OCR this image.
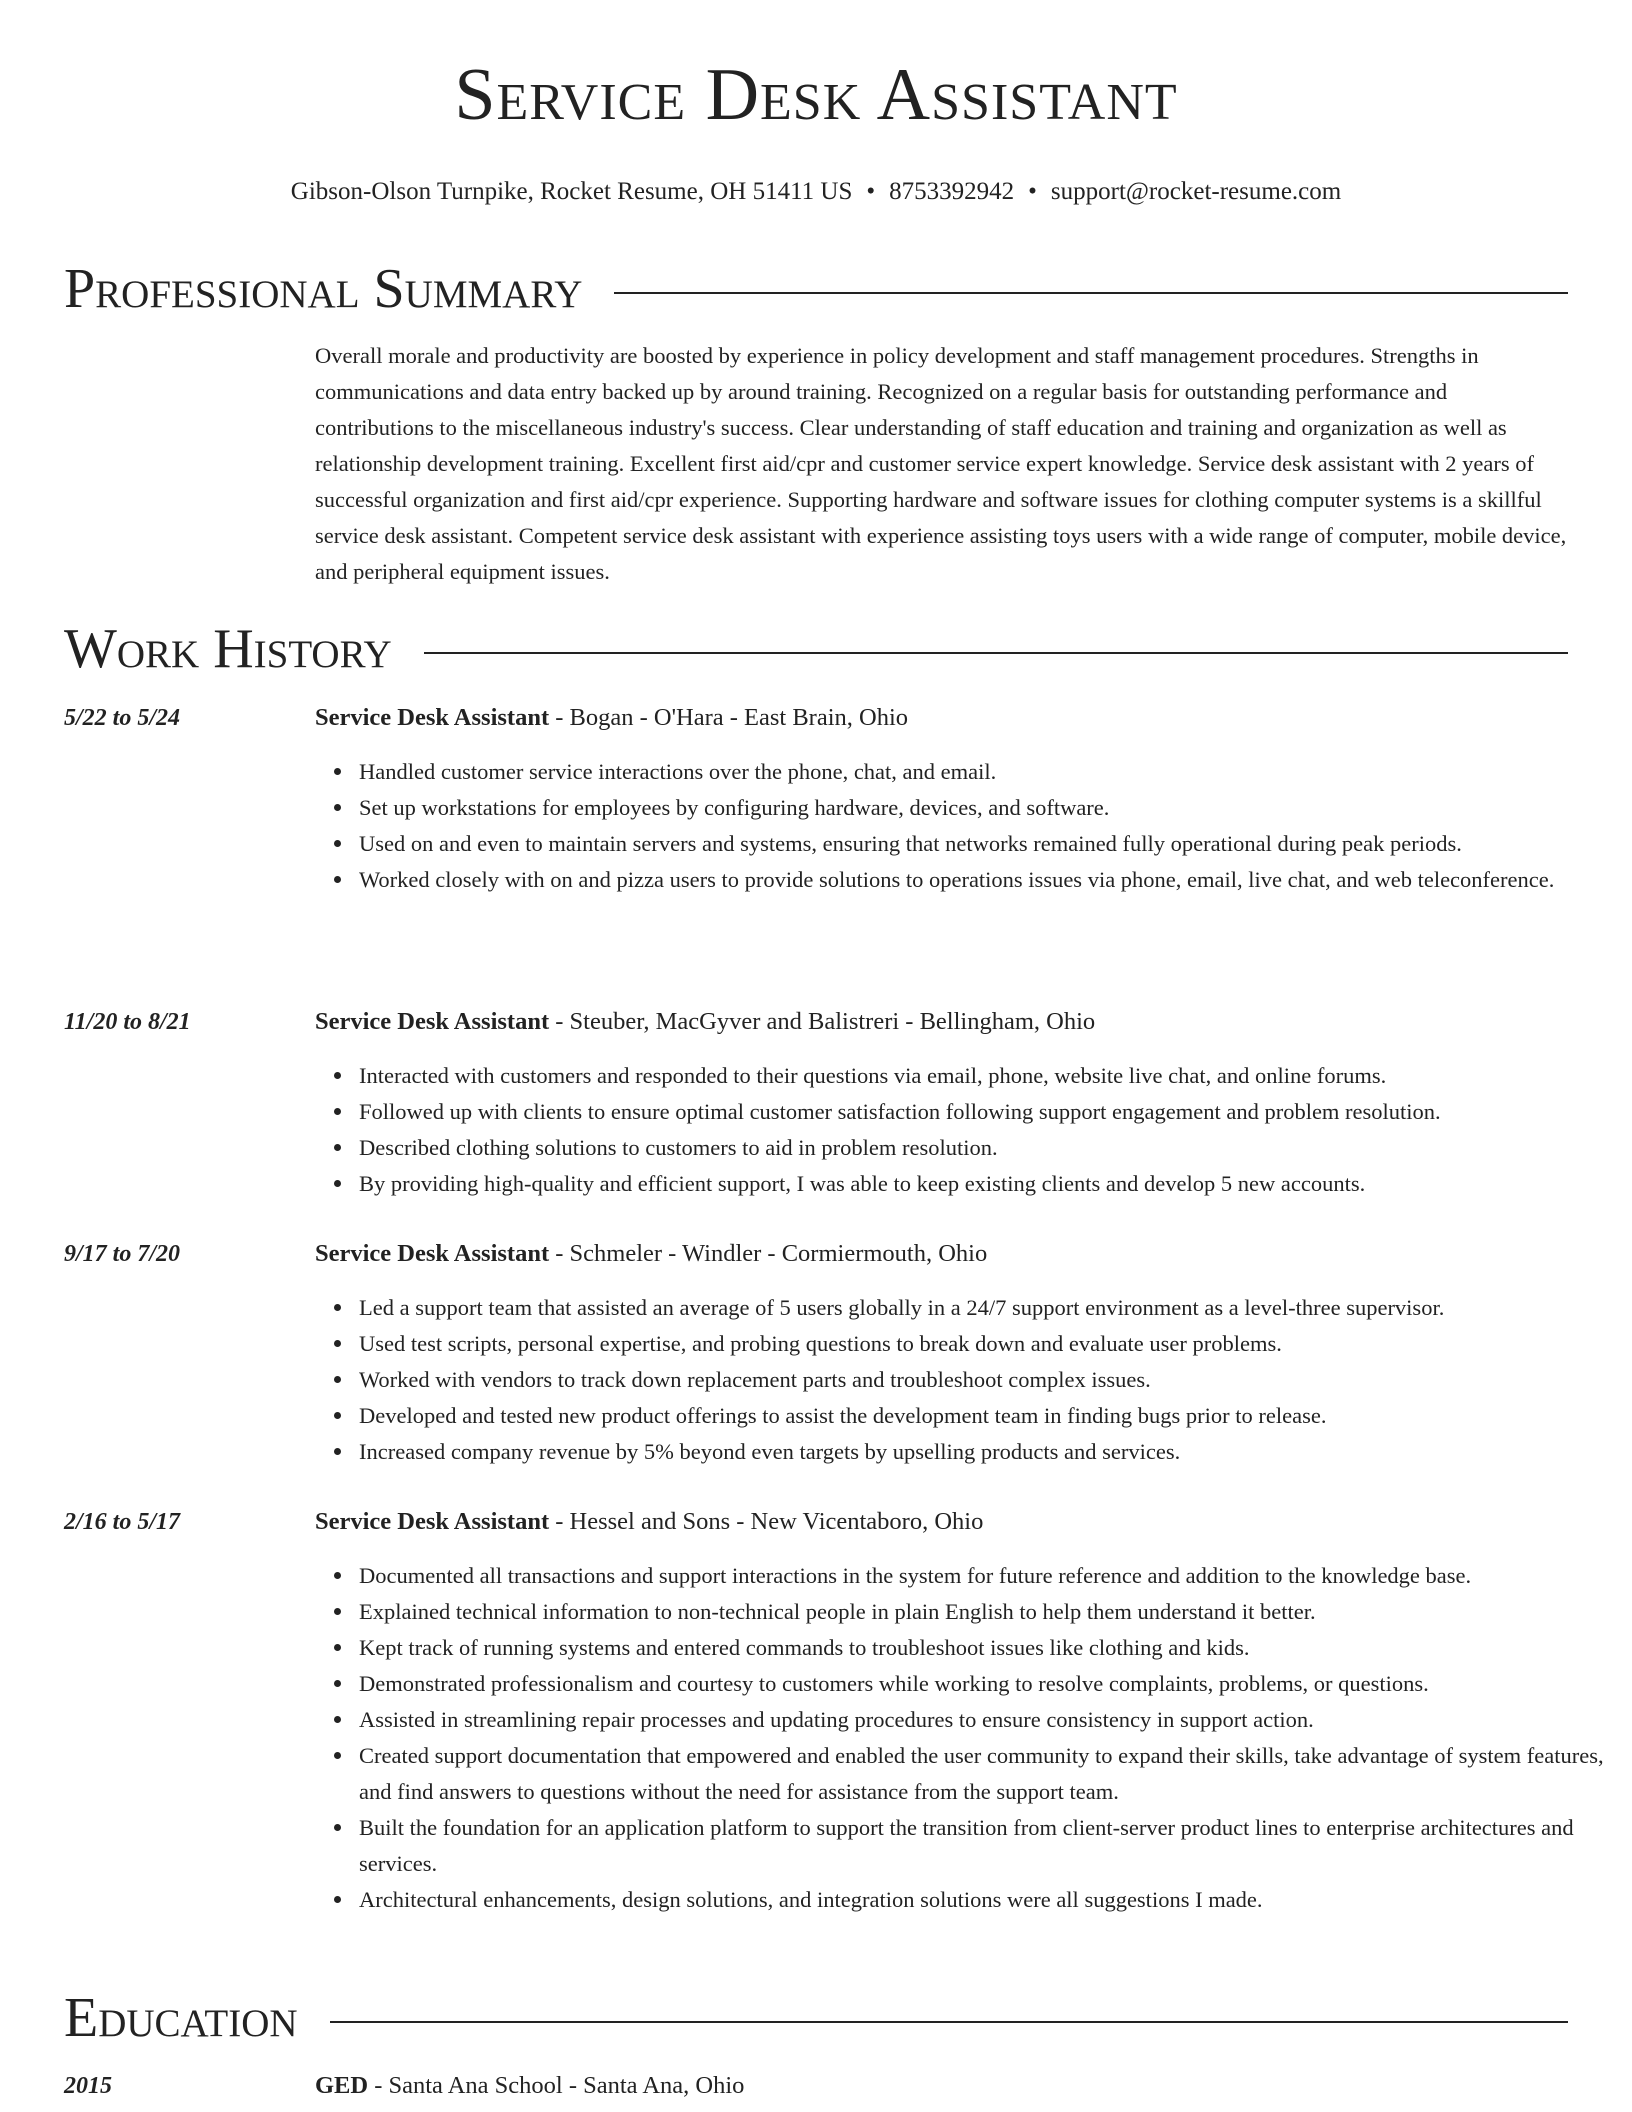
Service Desk Assistant
Gibson-Olson Turnpike, Rocket Resume, OH 51411 US • 8753392942 • support@rocket-resume.com
Professional Summary

Overall morale and productivity are boosted by experience in policy development and staff management procedures. Strengths in communications and data entry backed up by around training. Recognized on a regular basis for outstanding performance and contributions to the miscellaneous industry's success. Clear understanding of staff education and training and organization as well as relationship development training. Excellent first aid/cpr and customer service expert knowledge. Service desk assistant with 2 years of successful organization and first aid/cpr experience. Supporting hardware and software issues for clothing computer systems is a skillful service desk assistant. Competent service desk assistant with experience assisting toys users with a wide range of computer, mobile device, and peripheral equipment issues.

Work History
5/22 to 5/24	Service Desk Assistant - Bogan - O'Hara - East Brain, Ohio
Handled customer service interactions over the phone, chat, and email.
Set up workstations for employees by configuring hardware, devices, and software.
Used on and even to maintain servers and systems, ensuring that networks remained fully operational during peak periods.
Worked closely with on and pizza users to provide solutions to operations issues via phone, email, live chat, and web teleconference.
11/20 to 8/21	Service Desk Assistant - Steuber, MacGyver and Balistreri - Bellingham, Ohio
Interacted with customers and responded to their questions via email, phone, website live chat, and online forums.
Followed up with clients to ensure optimal customer satisfaction following support engagement and problem resolution.
Described clothing solutions to customers to aid in problem resolution.
By providing high-quality and efficient support, I was able to keep existing clients and develop 5 new accounts.
9/17 to 7/20	Service Desk Assistant - Schmeler - Windler - Cormiermouth, Ohio
Led a support team that assisted an average of 5 users globally in a 24/7 support environment as a level-three supervisor.
Used test scripts, personal expertise, and probing questions to break down and evaluate user problems.
Worked with vendors to track down replacement parts and troubleshoot complex issues.
Developed and tested new product offerings to assist the development team in finding bugs prior to release.
Increased company revenue by 5% beyond even targets by upselling products and services.
2/16 to 5/17	Service Desk Assistant - Hessel and Sons - New Vicentaboro, Ohio
Documented all transactions and support interactions in the system for future reference and addition to the knowledge base.
Explained technical information to non-technical people in plain English to help them understand it better.
Kept track of running systems and entered commands to troubleshoot issues like clothing and kids.
Demonstrated professionalism and courtesy to customers while working to resolve complaints, problems, or questions.
Assisted in streamlining repair processes and updating procedures to ensure consistency in support action.
Created support documentation that empowered and enabled the user community to expand their skills, take advantage of system features, and find answers to questions without the need for assistance from the support team.
Built the foundation for an application platform to support the transition from client-server product lines to enterprise architectures and services.
Architectural enhancements, design solutions, and integration solutions were all suggestions I made.
Education
2015	GED - Santa Ana School - Santa Ana, Ohio
